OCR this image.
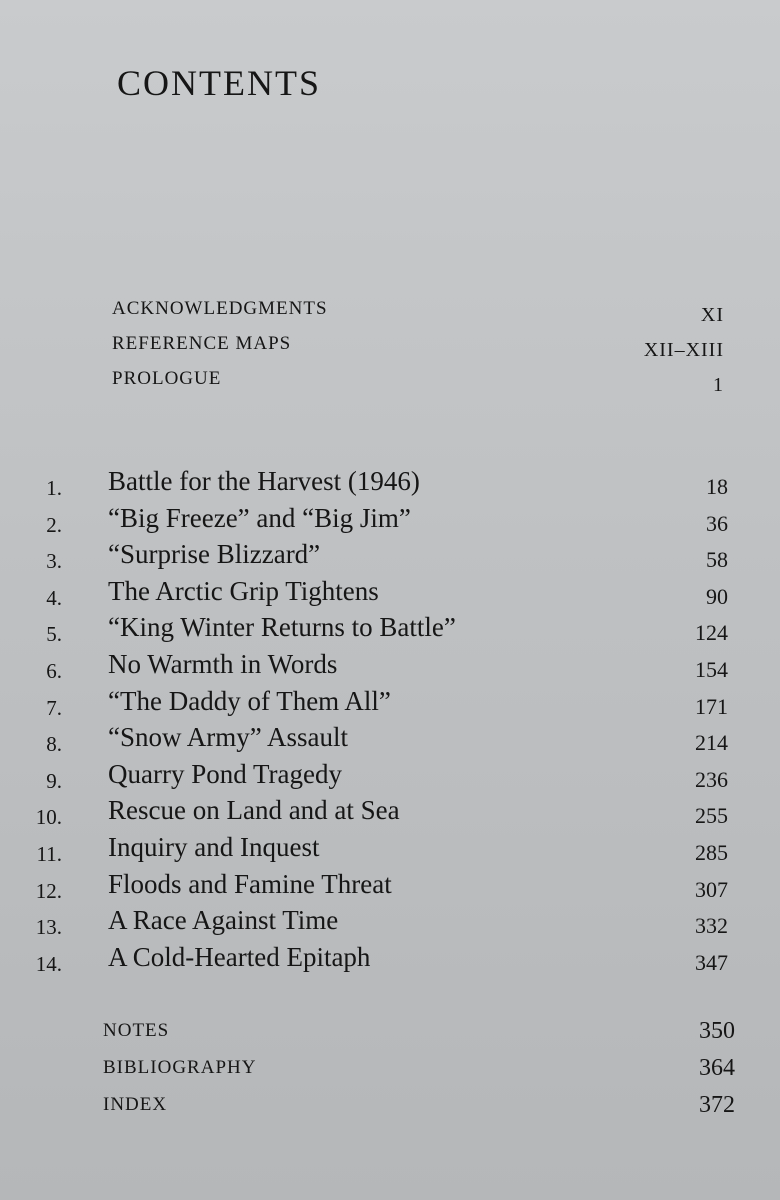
CONTENTS
ACKNOWLEDGMENTS	XI
REFERENCE MAPS	XII–XIII
PROLOGUE	1
1. Battle for the Harvest (1946)	18
2. “Big Freeze” and “Big Jim”	36
3. “Surprise Blizzard”	58
4. The Arctic Grip Tightens	90
5. “King Winter Returns to Battle”	124
6. No Warmth in Words	154
7. “The Daddy of Them All”	171
8. “Snow Army” Assault	214
9. Quarry Pond Tragedy	236
10. Rescue on Land and at Sea	255
11. Inquiry and Inquest	285
12. Floods and Famine Threat	307
13. A Race Against Time	332
14. A Cold-Hearted Epitaph	347
NOTES	350
BIBLIOGRAPHY	364
INDEX	372
